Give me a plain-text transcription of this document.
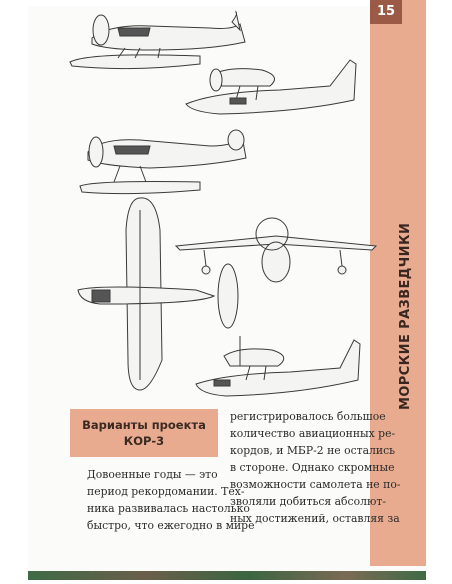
15
МОРСКИЕ РАЗВЕДЧИКИ
Варианты проекта
КОР-3
Довоенные годы — это
период рекордомании. Тех-
ника развивалась настолько
быстро, что ежегодно в мире
регистрировалось большое
количество авиационных ре-
кордов, и МБР-2 не остались
в стороне. Однако скромные
возможности самолета не по-
зволяли добиться абсолют-
ных достижений, оставляя за
